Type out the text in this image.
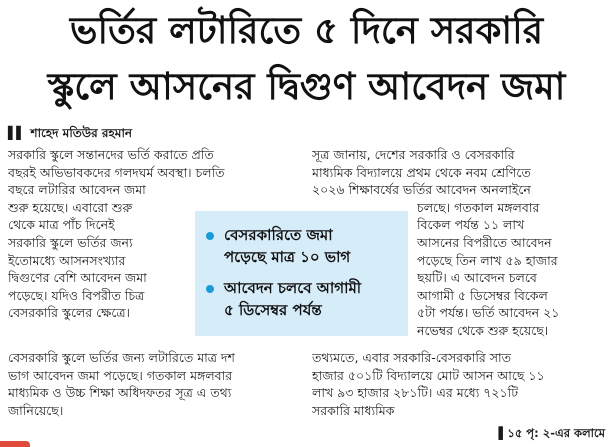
ভর্তির লটারিতে ৫ দিনে সরকারি
স্কুলে আসনের দ্বিগুণ আবেদন জমা
▌▌ শাহেদ মতিউর রহমান
সরকারি স্কুলে সন্তানদের ভর্তি করাতে প্রতি
বছরই অভিভাবকদের গলদঘর্ম অবস্থা। চলতি
বছরে লটারির আবেদন জমা
শুরু হয়েছে। এবারো শুরু
থেকে মাত্র পাঁচ দিনেই
সরকারি স্কুলে ভর্তির জন্য
ইতোমধ্যে আসনসংখ্যার
দ্বিগুণের বেশি আবেদন জমা
পড়েছে। যদিও বিপরীত চিত্র
বেসরকারি স্কুলের ক্ষেত্রে।
বেসরকারি স্কুলে ভর্তির জন্য লটারিতে মাত্র দশ
ভাগ আবেদন জমা পড়েছে। গতকাল মঙ্গলবার
মাধ্যমিক ও উচ্চ শিক্ষা অধিদফতর সূত্র এ তথ্য
জানিয়েছে।
সূত্র জানায়, দেশের সরকারি ও বেসরকারি
মাধ্যমিক বিদ্যালয়ে প্রথম থেকে নবম শ্রেণিতে
২০২৬ শিক্ষাবর্ষের ভর্তির আবেদন অনলাইনে
চলছে। গতকাল মঙ্গলবার
বিকেল পর্যন্ত ১১ লাখ
আসনের বিপরীতে আবেদন
পড়েছে তিন লাখ ৫৯ হাজার
ছয়টি। এ আবেদন চলবে
আগামী ৫ ডিসেম্বর বিকেল
৫টা পর্যন্ত। ভর্তি আবেদন ২১
নভেম্বর থেকে শুরু হয়েছে।
তথ্যমতে, এবার সরকারি-বেসরকারি সাত
হাজার ৫০১টি বিদ্যালয়ে মোট আসন আছে ১১
লাখ ৯৩ হাজার ২৮১টি। এর মধ্যে ৭২১টি
সরকারি মাধ্যমিক
বেসরকারিতে জমা
পড়েছে মাত্র ১০ ভাগ
আবেদন চলবে আগামী
৫ ডিসেম্বর পর্যন্ত
▌১৫ পৃ: ২-এর কলামে
